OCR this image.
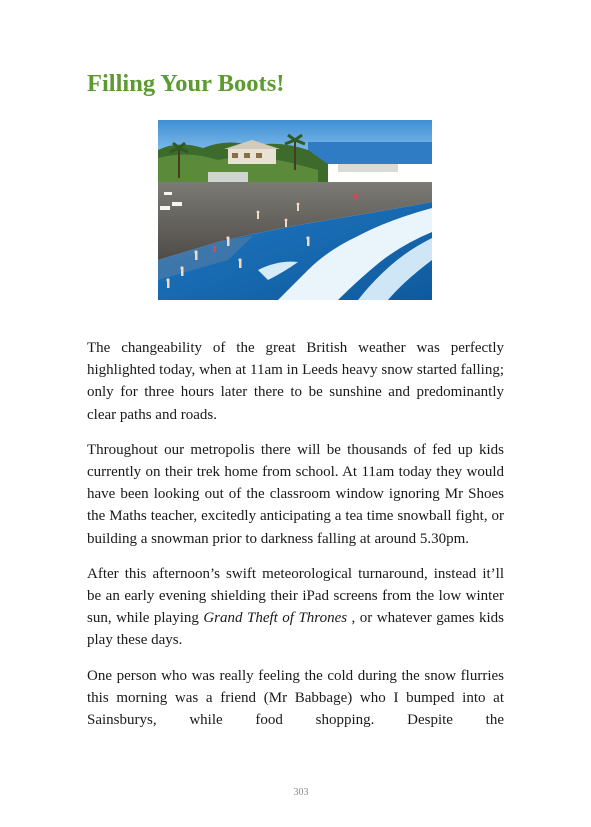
Filling Your Boots!

The changeability of the great British weather was perfectly highlighted today, when at 11am in Leeds heavy snow started falling; only for three hours later there to be sunshine and predominantly clear paths and roads.

Throughout our metropolis there will be thousands of fed up kids currently on their trek home from school. At 11am today they would have been looking out of the classroom window ignoring Mr Shoes the Maths teacher, excitedly anticipating a tea time snowball fight, or building a snowman prior to darkness falling at around 5.30pm.

After this afternoon’s swift meteorological turnaround, instead it’ll be an early evening shielding their iPad screens from the low winter sun, while playing Grand Theft of Thrones , or whatever games kids play these days.

One person who was really feeling the cold during the snow flurries this morning was a friend (Mr Babbage) who I bumped into at Sainsburys, while food shopping. Despite the

303
